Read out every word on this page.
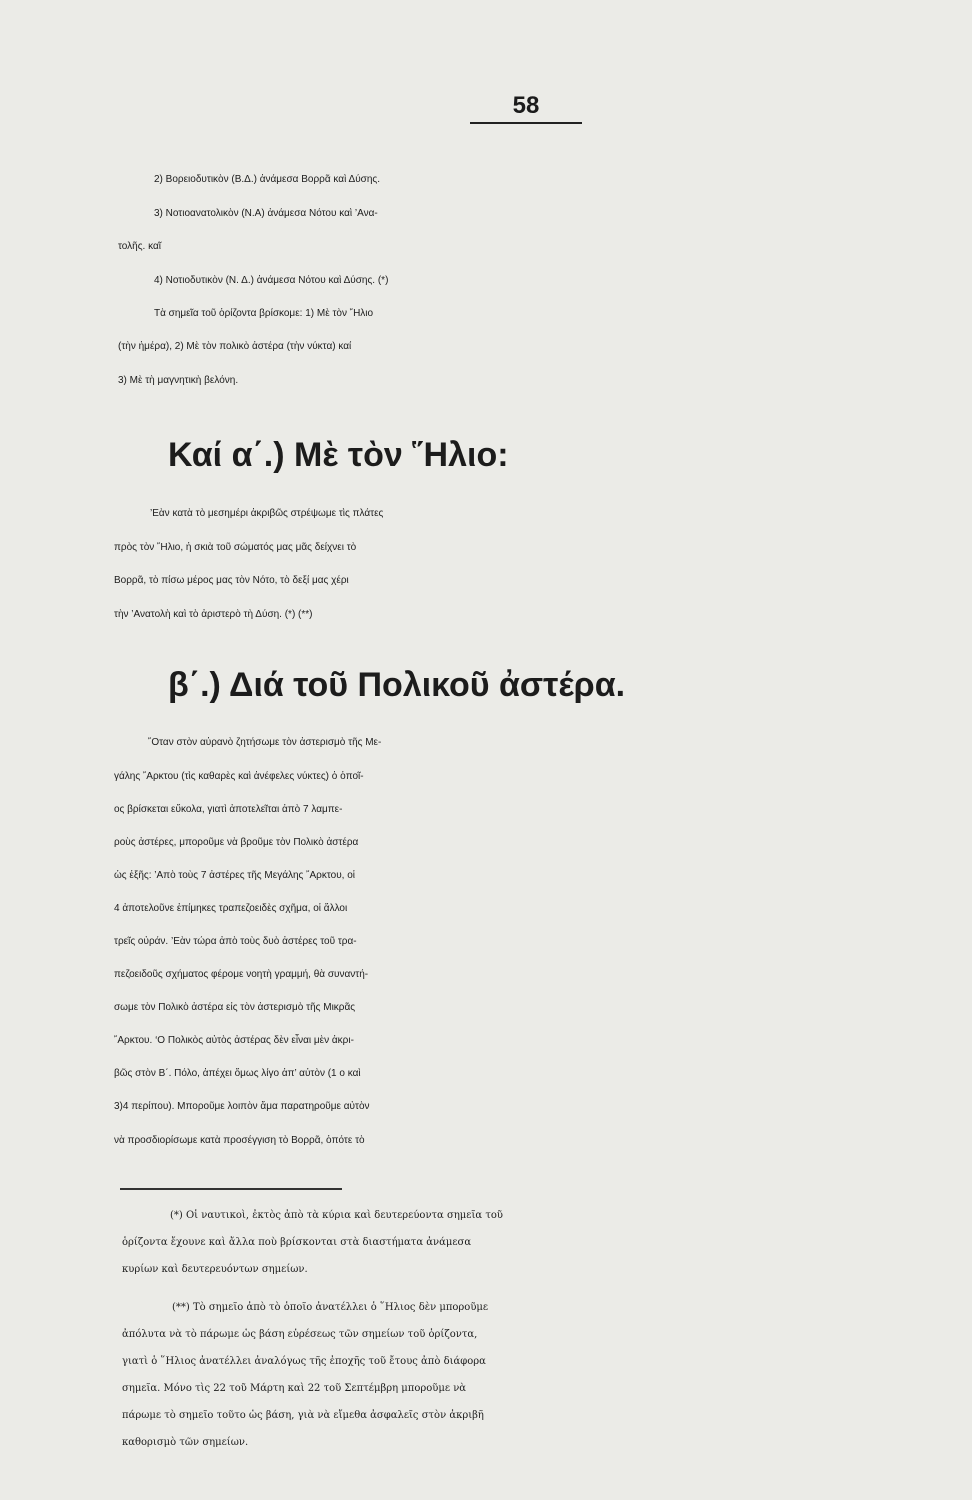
58
2) Βορειοδυτικὸν (Β.Δ.) ἀνάμεσα Βορρᾶ καὶ Δύσης.
3) Νοτιοανατολικὸν (Ν.Α) ἀνάμεσα Νότου καὶ ’Ανα-
τολῆς. καῖ
4) Νοτιοδυτικὸν (Ν. Δ.) ἀνάμεσα Νότου καὶ Δύσης. (*)
Τὰ σημεῖα τοῦ ὁρίζοντα βρίσκομε: 1) Μὲ τὸν ῞Ηλιο
(τὴν ἡμέρα), 2) Μὲ τὸν πολικὸ ἀστέρα (τὴν νύκτα) καί
3) Μὲ τὴ μαγνητικὴ βελόνη.
Καί α΄.) Μὲ τὸν ῞Ηλιο:
’Εὰν κατὰ τὸ μεσημέρι ἀκριβῶς στρέψωμε τὶς πλάτες
πρὸς τὸν ῞Ηλιο, ἡ σκιὰ τοῦ σώματός μας μᾶς δείχνει τὸ
Βορρᾶ, τὸ πίσω μέρος μας τὸν Νότο, τὸ δεξί μας χέρι
τὴν ’Ανατολὴ καὶ τὸ ἀριστερὸ τὴ Δύση. (*) (**)
β΄.) Διά τοῦ Πολικοῦ ἀστέρα.
῞Οταν στὸν αὐρανὸ ζητήσωμε τὸν ἀστερισμὸ τῆς Με-
γάλης ῎Αρκτου (τὶς καθαρὲς καὶ ἀνέφελες νύκτες) ὁ ὁποῖ-
ος βρίσκεται εὔκολα, γιατὶ ἀποτελεῖται ἀπὸ 7 λαμπε-
ροὺς ἀστέρες, μποροῦμε νὰ βροῦμε τὸν Πολικὸ ἀστέρα
ὡς ἑξῆς: ’Απὸ τοὺς 7 ἀστέρες τῆς Μεγάλης ῎Αρκτου, οἱ
4 ἀποτελοῦνε ἐπίμηκες τραπεζοειδὲς σχῆμα, οἱ ἄλλοι
τρεῖς οὐράν. ’Εὰν τώρα ἀπὸ τοὺς δυὸ ἀστέρες τοῦ τρα-
πεζοειδοῦς σχήματος φέρομε νοητὴ γραμμή, θὰ συναντή-
σωμε τὸν Πολικὸ ἀστέρα εἰς τὸν ἀστερισμὸ τῆς Μικρᾶς
῎Αρκτου. ‘Ο Πολικὸς αὐτὸς ἀστέρας δὲν εἶναι μὲν ἀκρι-
βῶς στὸν Β΄. Πόλο, ἀπέχει ὅμως λίγο ἀπ’ αὐτὸν (1 ο καὶ
3)4 περίπου). Μποροῦμε λοιπὸν ἅμα παρατηροῦμε αὐτὸν
νὰ προσδιορίσωμε κατὰ προσέγγιση τὸ Βορρᾶ, ὁπότε τὸ
(*) Οἱ ναυτικοὶ, ἐκτὸς ἀπὸ τὰ κύρια καὶ δευτερεύοντα σημεῖα τοῦ
ὁρίζοντα ἔχουνε καὶ ἄλλα ποὺ βρίσκονται στὰ διαστήματα ἀνάμεσα
κυρίων καὶ δευτερευόντων σημείων.
(**) Τὸ σημεῖο ἀπὸ τὸ ὁποῖο ἀνατέλλει ὁ ῞Ηλιος δὲν μποροῦμε
ἀπόλυτα νὰ τὸ πάρωμε ὡς βάση εὑρέσεως τῶν σημείων τοῦ ὁρίζοντα,
γιατὶ ὁ ῞Ηλιος ἀνατέλλει ἀναλόγως τῆς ἐποχῆς τοῦ ἔτους ἀπὸ διάφορα
σημεῖα. Μόνο τὶς 22 τοῦ Μάρτη καὶ 22 τοῦ Σεπτέμβρη μποροῦμε νὰ
πάρωμε τὸ σημεῖο τοῦτο ὡς βάση, γιὰ νὰ εἴμεθα ἀσφαλεῖς στὸν ἀκριβῆ
καθορισμὸ τῶν σημείων.
